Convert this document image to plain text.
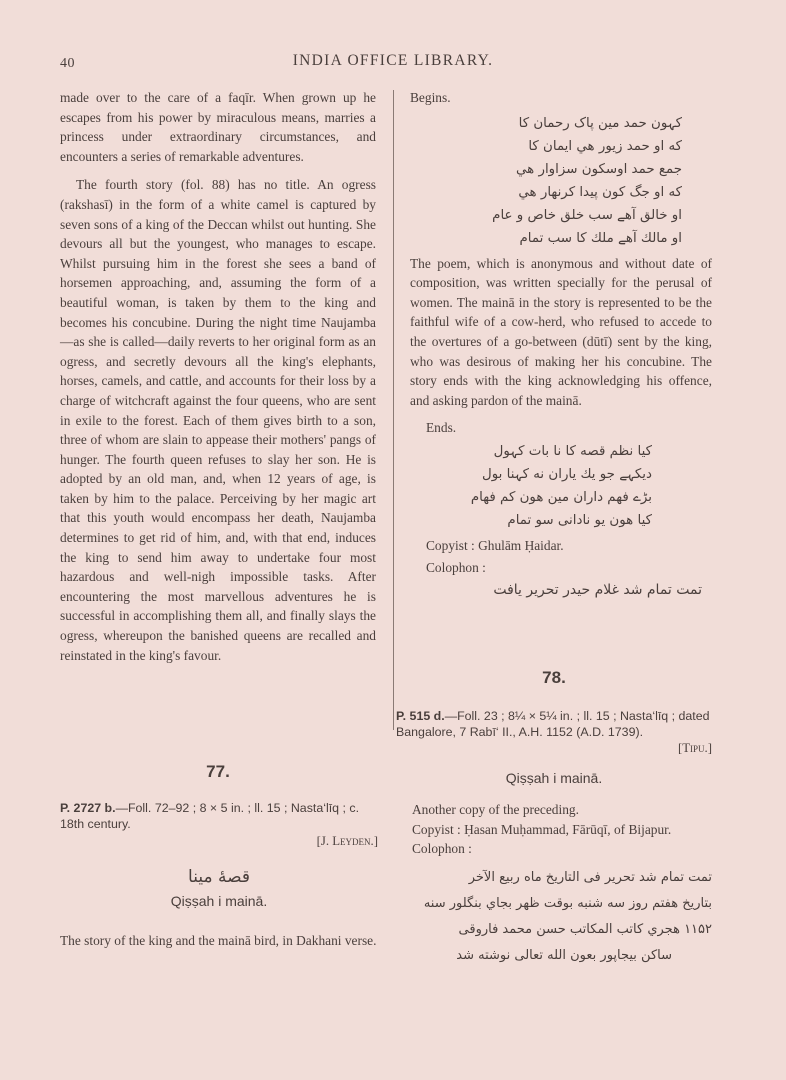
40	INDIA OFFICE LIBRARY.

made over to the care of a faqīr. When grown up he escapes from his power by miraculous means, marries a princess under extraordinary circumstances, and encounters a series of remarkable adventures.

The fourth story (fol. 88) has no title. An ogress (rakshasī) in the form of a white camel is captured by seven sons of a king of the Deccan whilst out hunting. She devours all but the youngest, who manages to escape. Whilst pursuing him in the forest she sees a band of horsemen approaching, and, assuming the form of a beautiful woman, is taken by them to the king and becomes his concubine. During the night time Naujamba—as she is called—daily reverts to her original form as an ogress, and secretly devours all the king's elephants, horses, camels, and cattle, and accounts for their loss by a charge of witchcraft against the four queens, who are sent in exile to the forest. Each of them gives birth to a son, three of whom are slain to appease their mothers' pangs of hunger. The fourth queen refuses to slay her son. He is adopted by an old man, and, when 12 years of age, is taken by him to the palace. Perceiving by her magic art that this youth would encompass her death, Naujamba determines to get rid of him, and, with that end, induces the king to send him away to undertake four most hazardous and well-nigh impossible tasks. After encountering the most marvellous adventures he is successful in accomplishing them all, and finally slays the ogress, whereupon the banished queens are recalled and reinstated in the king's favour.

77.
P. 2727 b.—Foll. 72–92 ; 8 × 5 in. ; ll. 15 ; Nasta‘līq ; c. 18th century.
[J. Leyden.]
قصهٔ مینا
Qiṣṣah i mainā.
The story of the king and the mainā bird, in Dakhani verse.
Begins.
کہون حمد مین پاک رحمان کا
که او حمد زیور هي ایمان کا
جمع حمد اوسکون سزاوار هي
که او جگ کون پیدا کرنهار هي
او خالق آهے سب خلق خاص و عام
او مالك آهے ملك کا سب تمام
The poem, which is anonymous and without date of composition, was written specially for the perusal of women. The mainā in the story is represented to be the faithful wife of a cow-herd, who refused to accede to the overtures of a go-between (dūtī) sent by the king, who was desirous of making her his concubine. The story ends with the king acknowledging his offence, and asking pardon of the mainā.
Ends.
کیا نظم قصه کا نا بات کہول
دیکہے جو یك یاران نه کہنا بول
بڑے فهم داران مین هون کم فهام
کیا هون یو نادانی سو تمام
Copyist : Ghulām Ḥaidar.
Colophon :
تمت تمام شد غلام حیدر تحریر یافت
78.
P. 515 d.—Foll. 23 ; 8¼ × 5¼ in. ; ll. 15 ; Nasta‘līq ; dated Bangalore, 7 Rabī‘ II., A.H. 1152 (A.D. 1739).
[Tipu.]
Qiṣṣah i mainā.
Another copy of the preceding.
Copyist : Ḥasan Muḥammad, Fārūqī, of Bijapur.
Colophon :
تمت تمام شد تحریر فی التاریخ ماه ربیع الآخر
بتاریخ هفتم روز سه شنبه بوقت ظهر بجاي بنگلور سنه
۱۱۵۲ هجري کاتب المکاتب حسن محمد فاروقی
ساکن بیجاپور بعون الله تعالی نوشته شد
